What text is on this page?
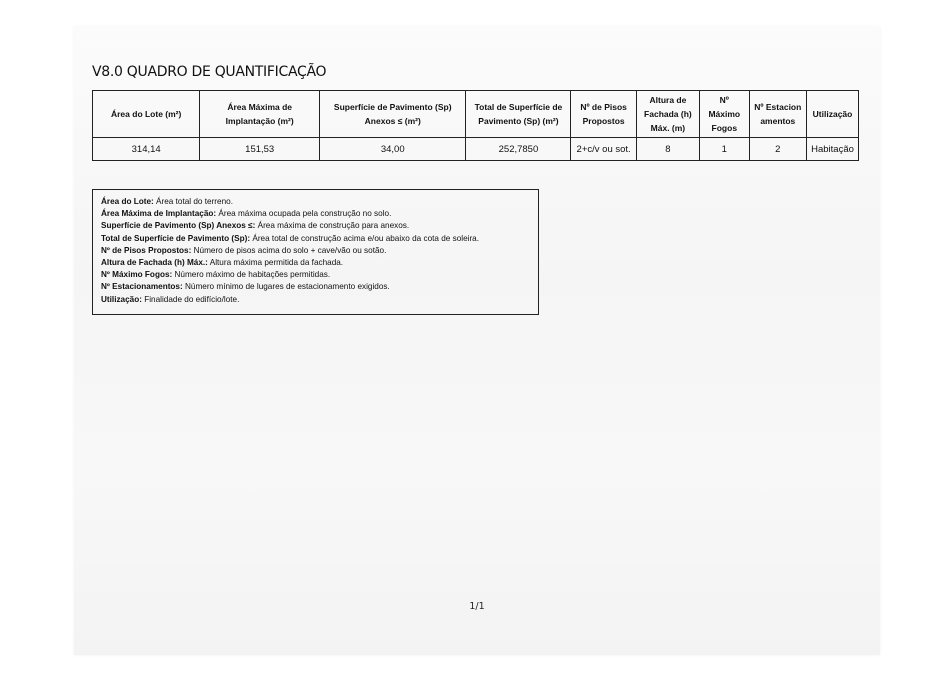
V8.0 QUADRO DE QUANTIFICAÇÃO
Área do Lote (m²)	Área Máxima de Implantação (m²)	Superfície de Pavimento (Sp) Anexos ≤ (m²)	Total de Superfície de Pavimento (Sp) (m²)	Nº de Pisos Propostos	Altura de Fachada (h) Máx. (m)	Nº Máximo Fogos	Nº Estacion amentos	Utilização
314,14	151,53	34,00	252,7850	2+c/v ou sot.	8	1	2	Habitação
Área do Lote: Área total do terreno.
Área Máxima de Implantação: Área máxima ocupada pela construção no solo.
Superfície de Pavimento (Sp) Anexos ≤: Área máxima de construção para anexos.
Total de Superfície de Pavimento (Sp): Área total de construção acima e/ou abaixo da cota de soleira.
Nº de Pisos Propostos: Número de pisos acima do solo + cave/vão ou sotão.
Altura de Fachada (h) Máx.: Altura máxima permitida da fachada.
Nº Máximo Fogos: Número máximo de habitações permitidas.
Nº Estacionamentos: Número mínimo de lugares de estacionamento exigidos.
Utilização: Finalidade do edifício/lote.
1/1
